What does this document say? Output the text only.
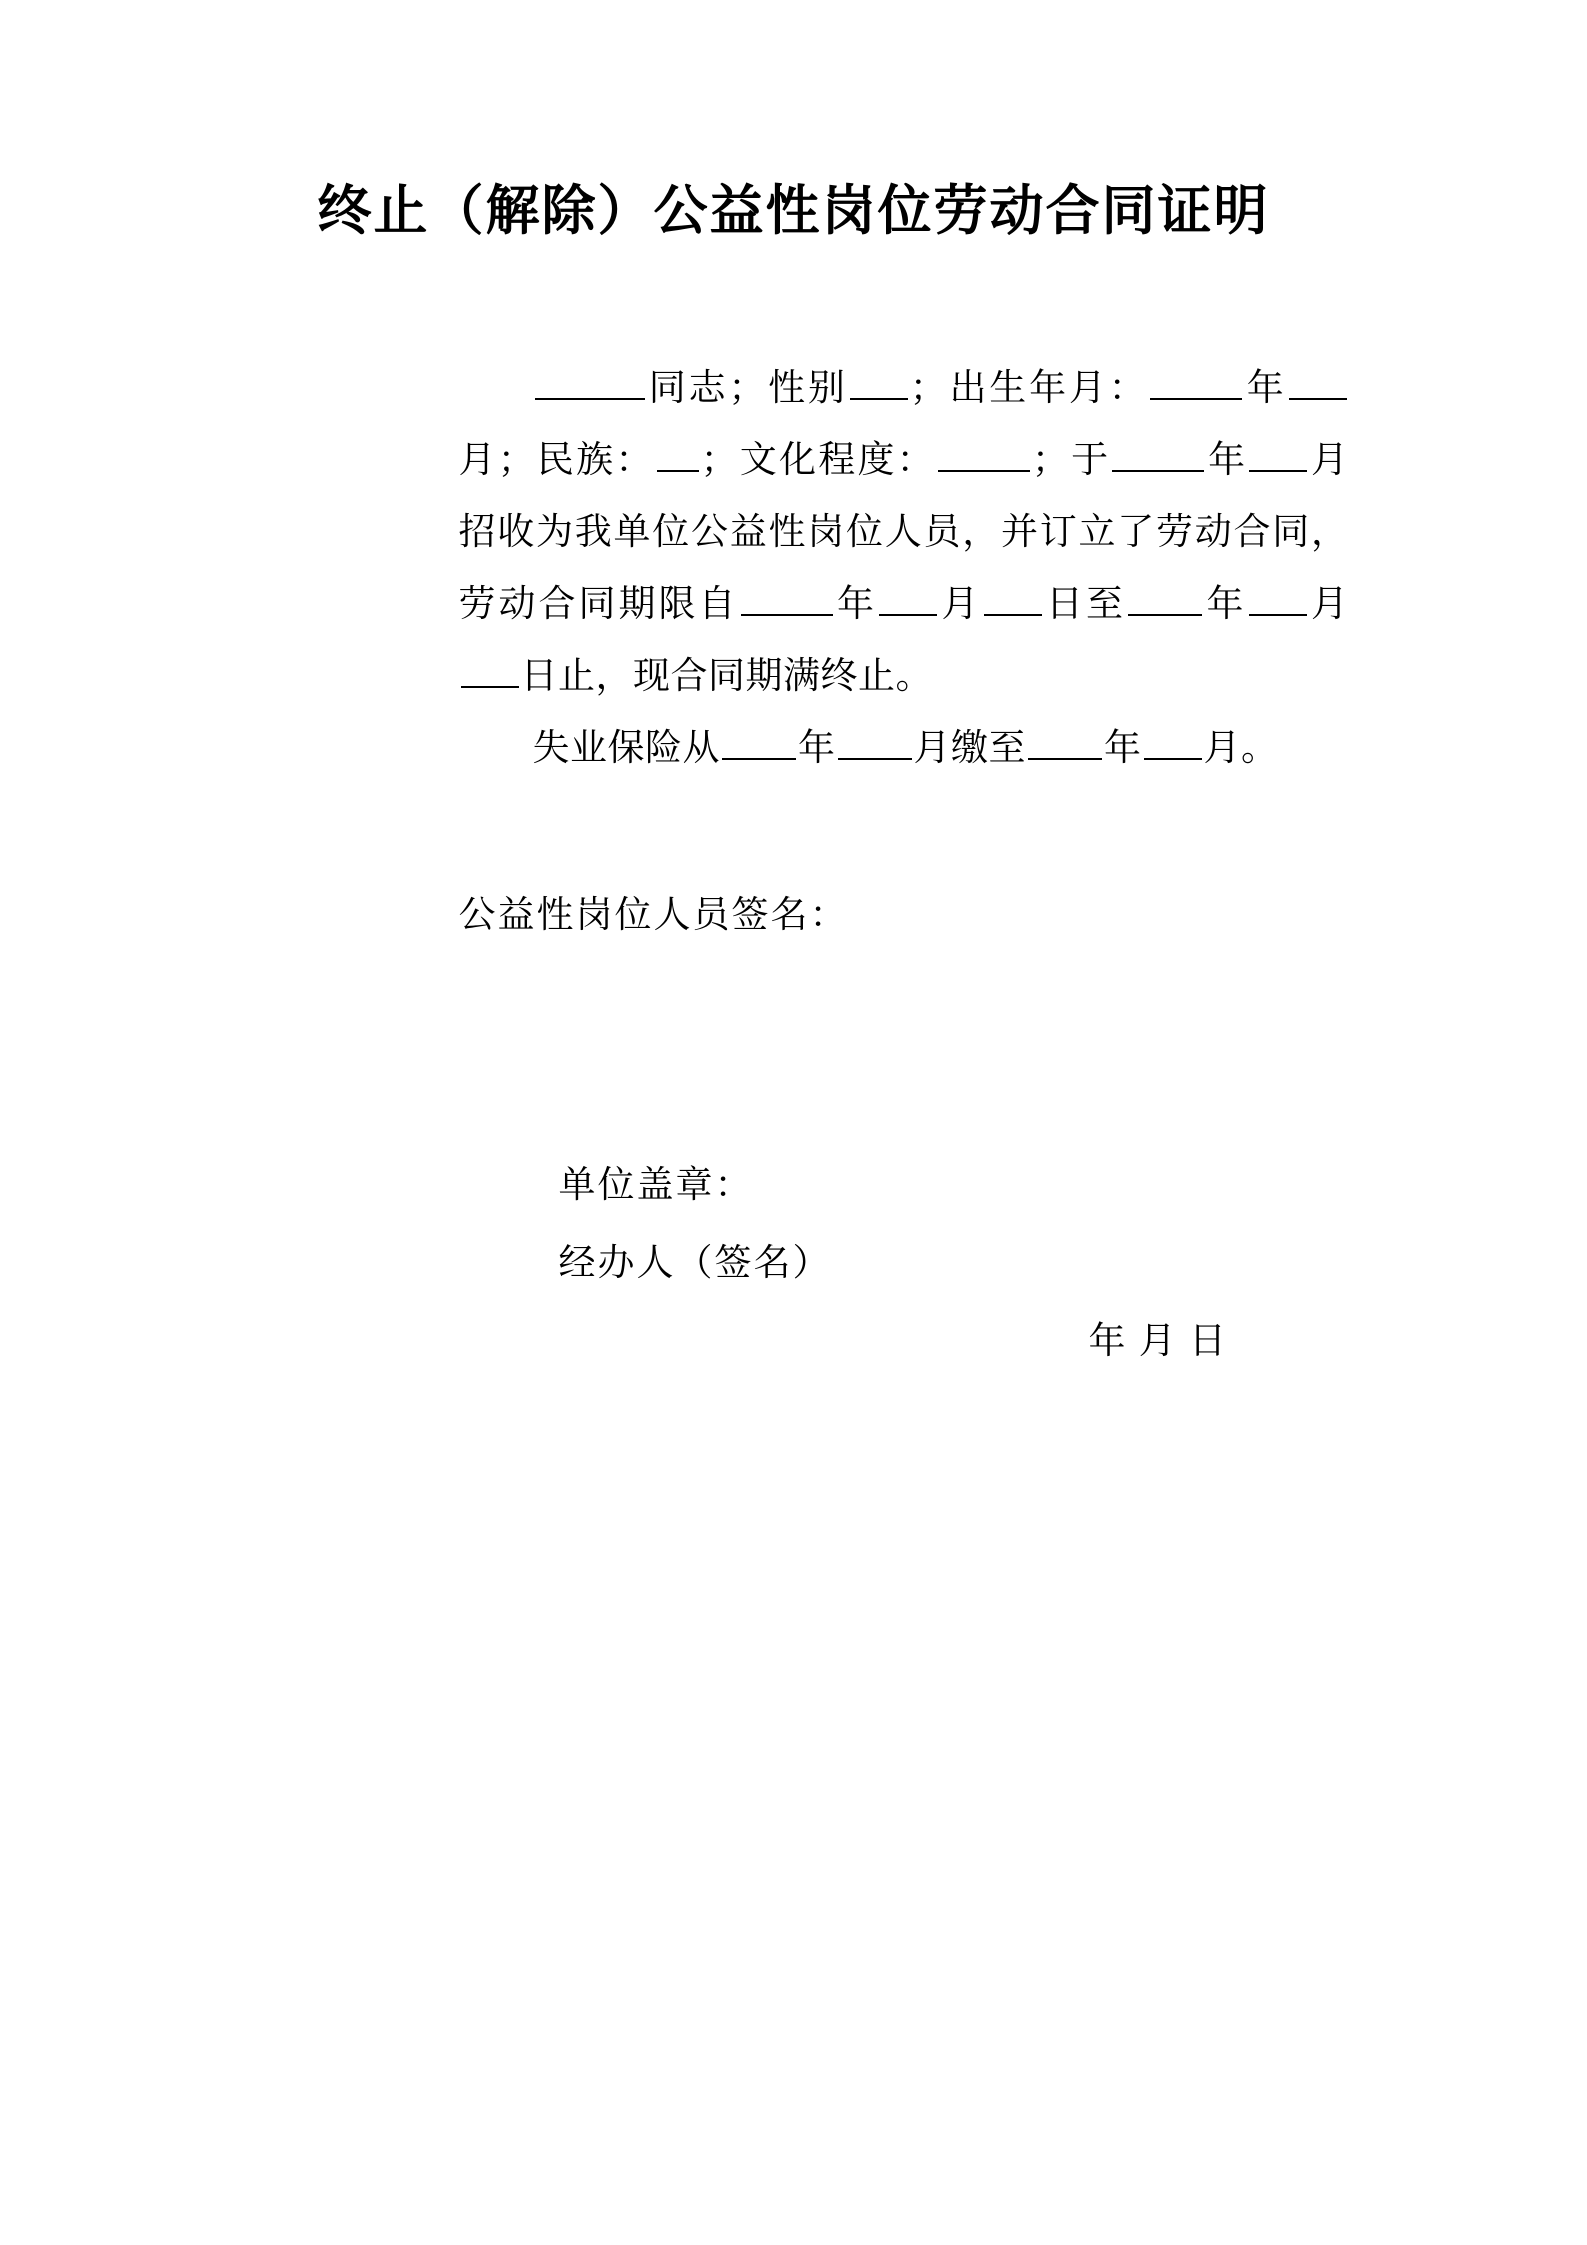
终止（解除）公益性岗位劳动合同证明

同志；性别 ；出生年月：	年月；民族： ；文化程度：	；于	年 月招收为我单位公益性岗位人员，并订立了劳动合同，劳动合同期限自	年 月 日至 年 月日止，现合同期满终止。

失业保险从 年 月缴至 年 月。

公益性岗位人员签名：

单位盖章：

经办人（签名）

年 月 日
